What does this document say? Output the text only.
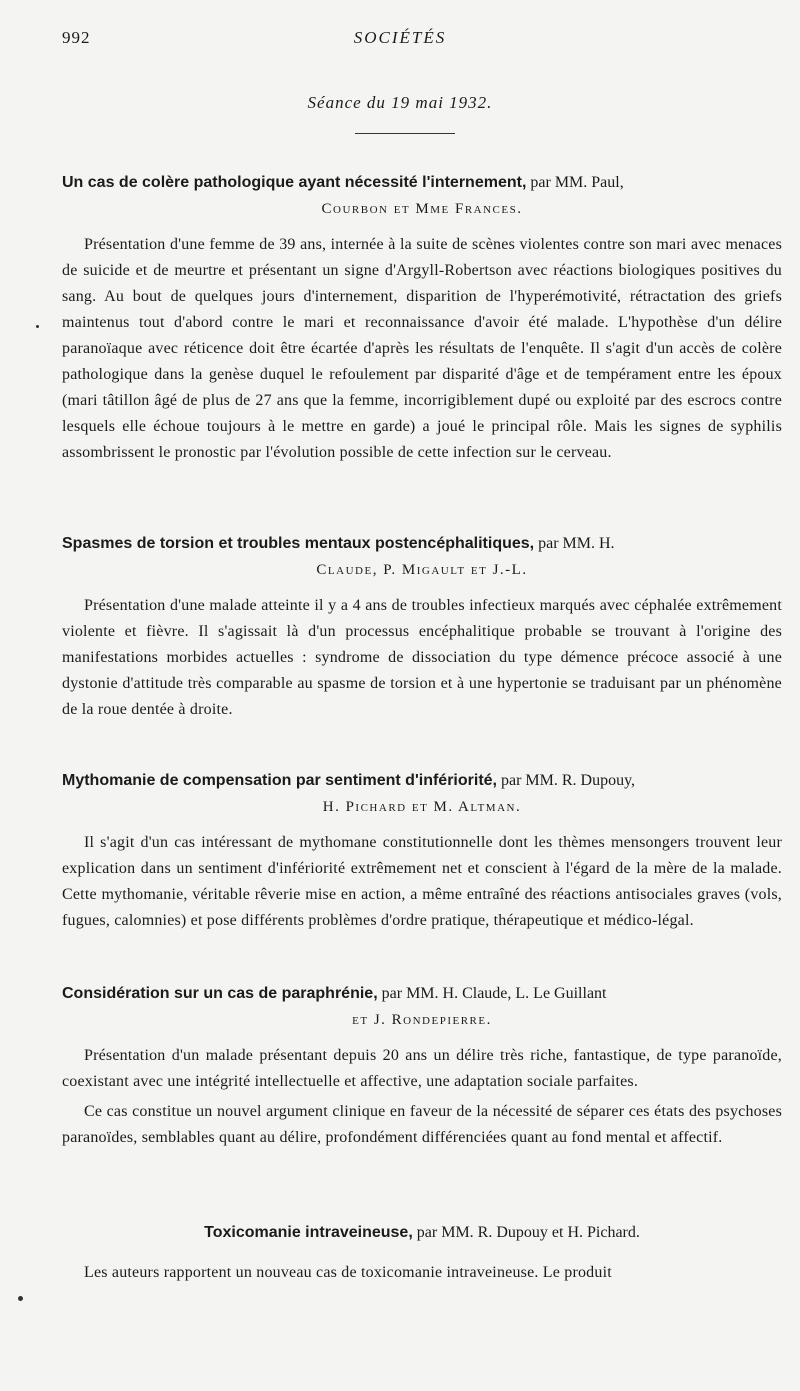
992	SOCIÉTÉS
Séance du 19 mai 1932.
Un cas de colère pathologique ayant nécessité l'internement, par MM. Paul,
Courbon et Mme Frances.

Présentation d'une femme de 39 ans, internée à la suite de scènes violentes contre son mari avec menaces de suicide et de meurtre et présentant un signe d'Argyll-Robertson avec réactions biologiques positives du sang. Au bout de quelques jours d'internement, disparition de l'hyperémotivité, rétractation des griefs maintenus tout d'abord contre le mari et reconnaissance d'avoir été malade. L'hypothèse d'un délire paranoïaque avec réticence doit être écartée d'après les résultats de l'enquête. Il s'agit d'un accès de colère pathologique dans la genèse duquel le refoulement par disparité d'âge et de tempérament entre les époux (mari tâtillon âgé de plus de 27 ans que la femme, incorrigiblement dupé ou exploité par des escrocs contre lesquels elle échoue toujours à le mettre en garde) a joué le principal rôle. Mais les signes de syphilis assombrissent le pronostic par l'évolution possible de cette infection sur le cerveau.

Spasmes de torsion et troubles mentaux postencéphalitiques, par MM. H.
Claude, P. Migault et J.-L.

Présentation d'une malade atteinte il y a 4 ans de troubles infectieux marqués avec céphalée extrêmement violente et fièvre. Il s'agissait là d'un processus encéphalitique probable se trouvant à l'origine des manifestations morbides actuelles : syndrome de dissociation du type démence précoce associé à une dystonie d'attitude très comparable au spasme de torsion et à une hypertonie se traduisant par un phénomène de la roue dentée à droite.

Mythomanie de compensation par sentiment d'infériorité, par MM. R. Dupouy,
H. Pichard et M. Altman.

Il s'agit d'un cas intéressant de mythomane constitutionnelle dont les thèmes mensongers trouvent leur explication dans un sentiment d'infériorité extrêmement net et conscient à l'égard de la mère de la malade. Cette mythomanie, véritable rêverie mise en action, a même entraîné des réactions antisociales graves (vols, fugues, calomnies) et pose différents problèmes d'ordre pratique, thérapeutique et médico-légal.

Considération sur un cas de paraphrénie, par MM. H. Claude, L. Le Guillant
et J. Rondepierre.

Présentation d'un malade présentant depuis 20 ans un délire très riche, fantastique, de type paranoïde, coexistant avec une intégrité intellectuelle et affective, une adaptation sociale parfaites.

Ce cas constitue un nouvel argument clinique en faveur de la nécessité de séparer ces états des psychoses paranoïdes, semblables quant au délire, profondément différenciées quant au fond mental et affectif.

Toxicomanie intraveineuse, par MM. R. Dupouy et H. Pichard.

Les auteurs rapportent un nouveau cas de toxicomanie intraveineuse. Le produit
